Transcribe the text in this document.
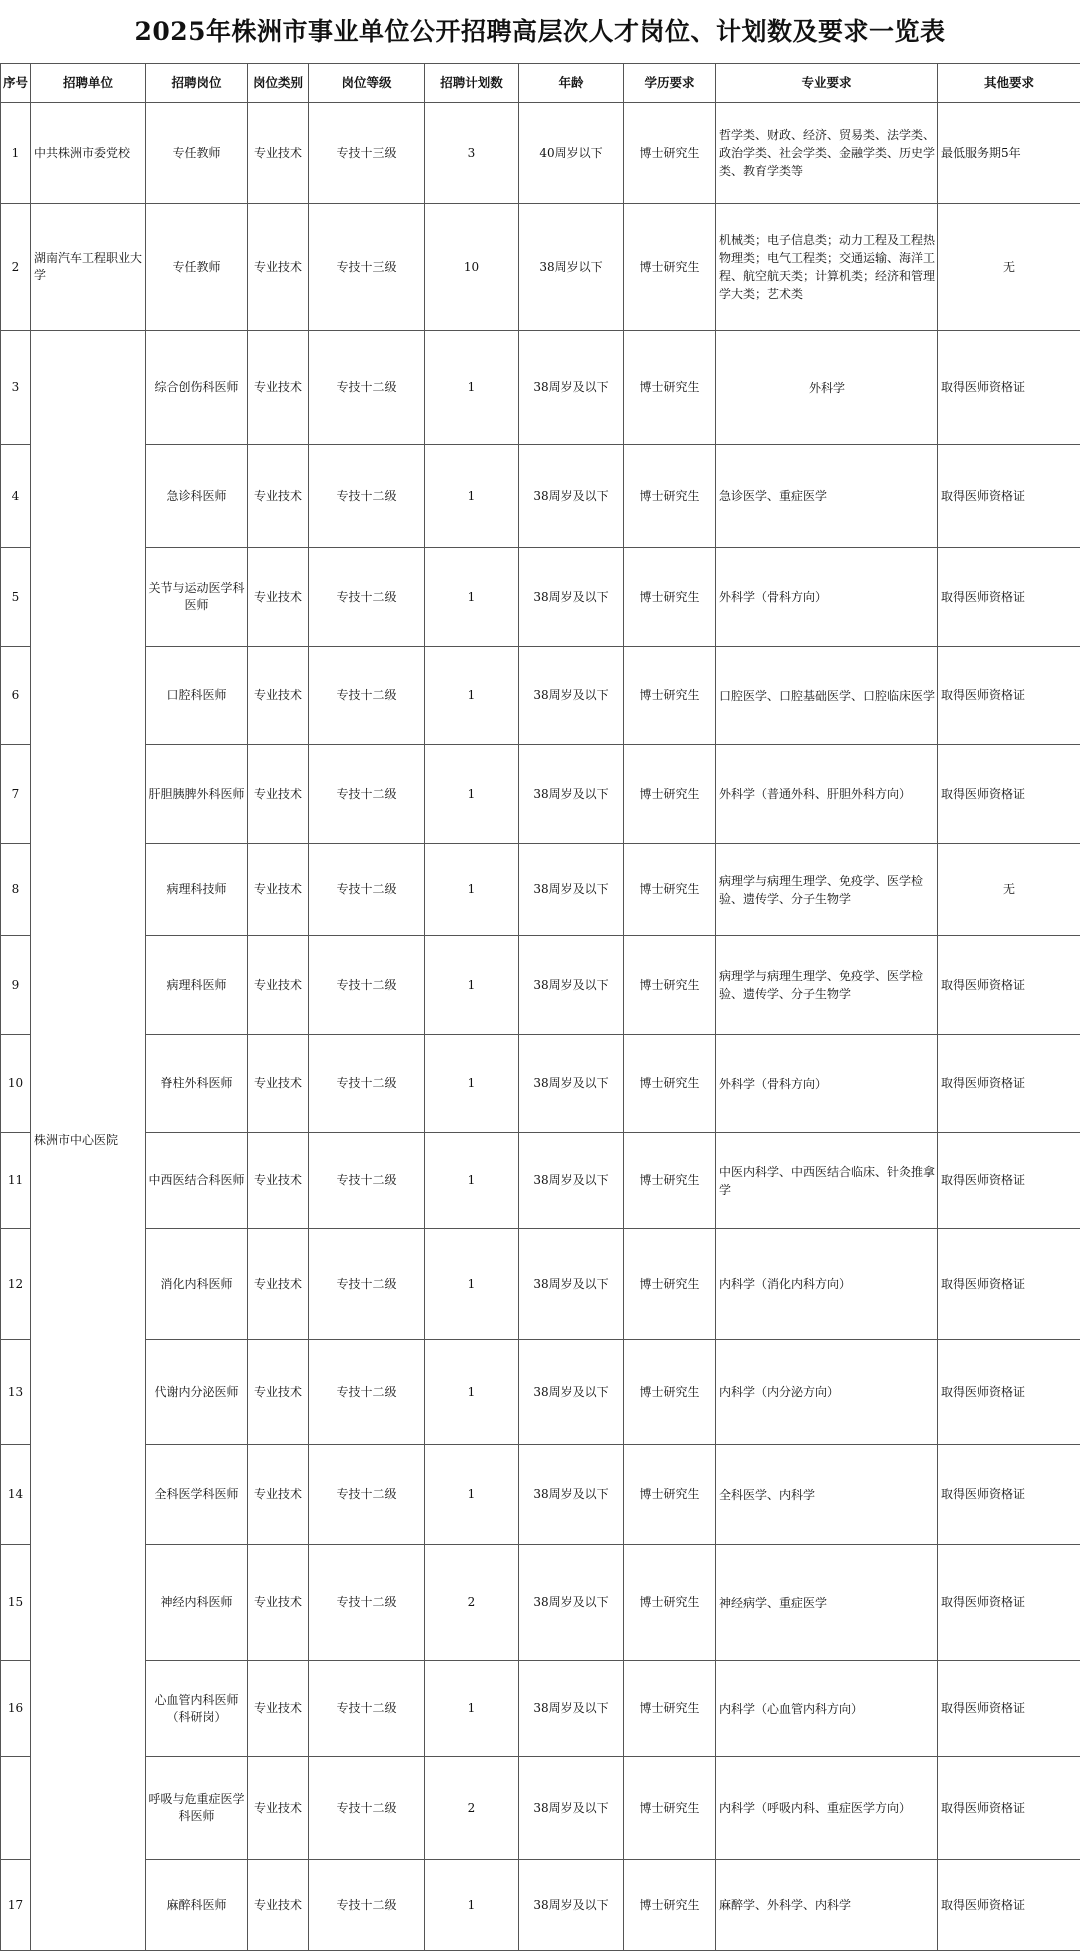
2025年株洲市事业单位公开招聘高层次人才岗位、计划数及要求一览表
序号	招聘单位	招聘岗位	岗位类别	岗位等级	招聘计划数	年龄	学历要求	专业要求	其他要求
1	中共株洲市委党校	专任教师	专业技术	专技十三级	3	40周岁以下	博士研究生	哲学类、财政、经济、贸易类、法学类、政治学类、社会学类、金融学类、历史学类、教育学类等	最低服务期5年
2	湖南汽车工程职业大学	专任教师	专业技术	专技十三级	10	38周岁以下	博士研究生	机械类；电子信息类；动力工程及工程热物理类；电气工程类；交通运输、海洋工程、航空航天类；计算机类；经济和管理学大类；艺术类	无
3	株洲市中心医院	综合创伤科医师	专业技术	专技十二级	1	38周岁及以下	博士研究生	外科学	取得医师资格证
4		急诊科医师	专业技术	专技十二级	1	38周岁及以下	博士研究生	急诊医学、重症医学	取得医师资格证
5		关节与运动医学科医师	专业技术	专技十二级	1	38周岁及以下	博士研究生	外科学（骨科方向）	取得医师资格证
6		口腔科医师	专业技术	专技十二级	1	38周岁及以下	博士研究生	口腔医学、口腔基础医学、口腔临床医学	取得医师资格证
7		肝胆胰脾外科医师	专业技术	专技十二级	1	38周岁及以下	博士研究生	外科学（普通外科、肝胆外科方向）	取得医师资格证
8		病理科技师	专业技术	专技十二级	1	38周岁及以下	博士研究生	病理学与病理生理学、免疫学、医学检验、遗传学、分子生物学	无
9		病理科医师	专业技术	专技十二级	1	38周岁及以下	博士研究生	病理学与病理生理学、免疫学、医学检验、遗传学、分子生物学	取得医师资格证
10		脊柱外科医师	专业技术	专技十二级	1	38周岁及以下	博士研究生	外科学（骨科方向）	取得医师资格证
11		中西医结合科医师	专业技术	专技十二级	1	38周岁及以下	博士研究生	中医内科学、中西医结合临床、针灸推拿学	取得医师资格证
12		消化内科医师	专业技术	专技十二级	1	38周岁及以下	博士研究生	内科学（消化内科方向）	取得医师资格证
13		代谢内分泌医师	专业技术	专技十二级	1	38周岁及以下	博士研究生	内科学（内分泌方向）	取得医师资格证
14		全科医学科医师	专业技术	专技十二级	1	38周岁及以下	博士研究生	全科医学、内科学	取得医师资格证
15		神经内科医师	专业技术	专技十二级	2	38周岁及以下	博士研究生	神经病学、重症医学	取得医师资格证
16		心血管内科医师（科研岗）	专业技术	专技十二级	1	38周岁及以下	博士研究生	内科学（心血管内科方向）	取得医师资格证
		呼吸与危重症医学科医师	专业技术	专技十二级	2	38周岁及以下	博士研究生	内科学（呼吸内科、重症医学方向）	取得医师资格证
17		麻醉科医师	专业技术	专技十二级	1	38周岁及以下	博士研究生	麻醉学、外科学、内科学	取得医师资格证
